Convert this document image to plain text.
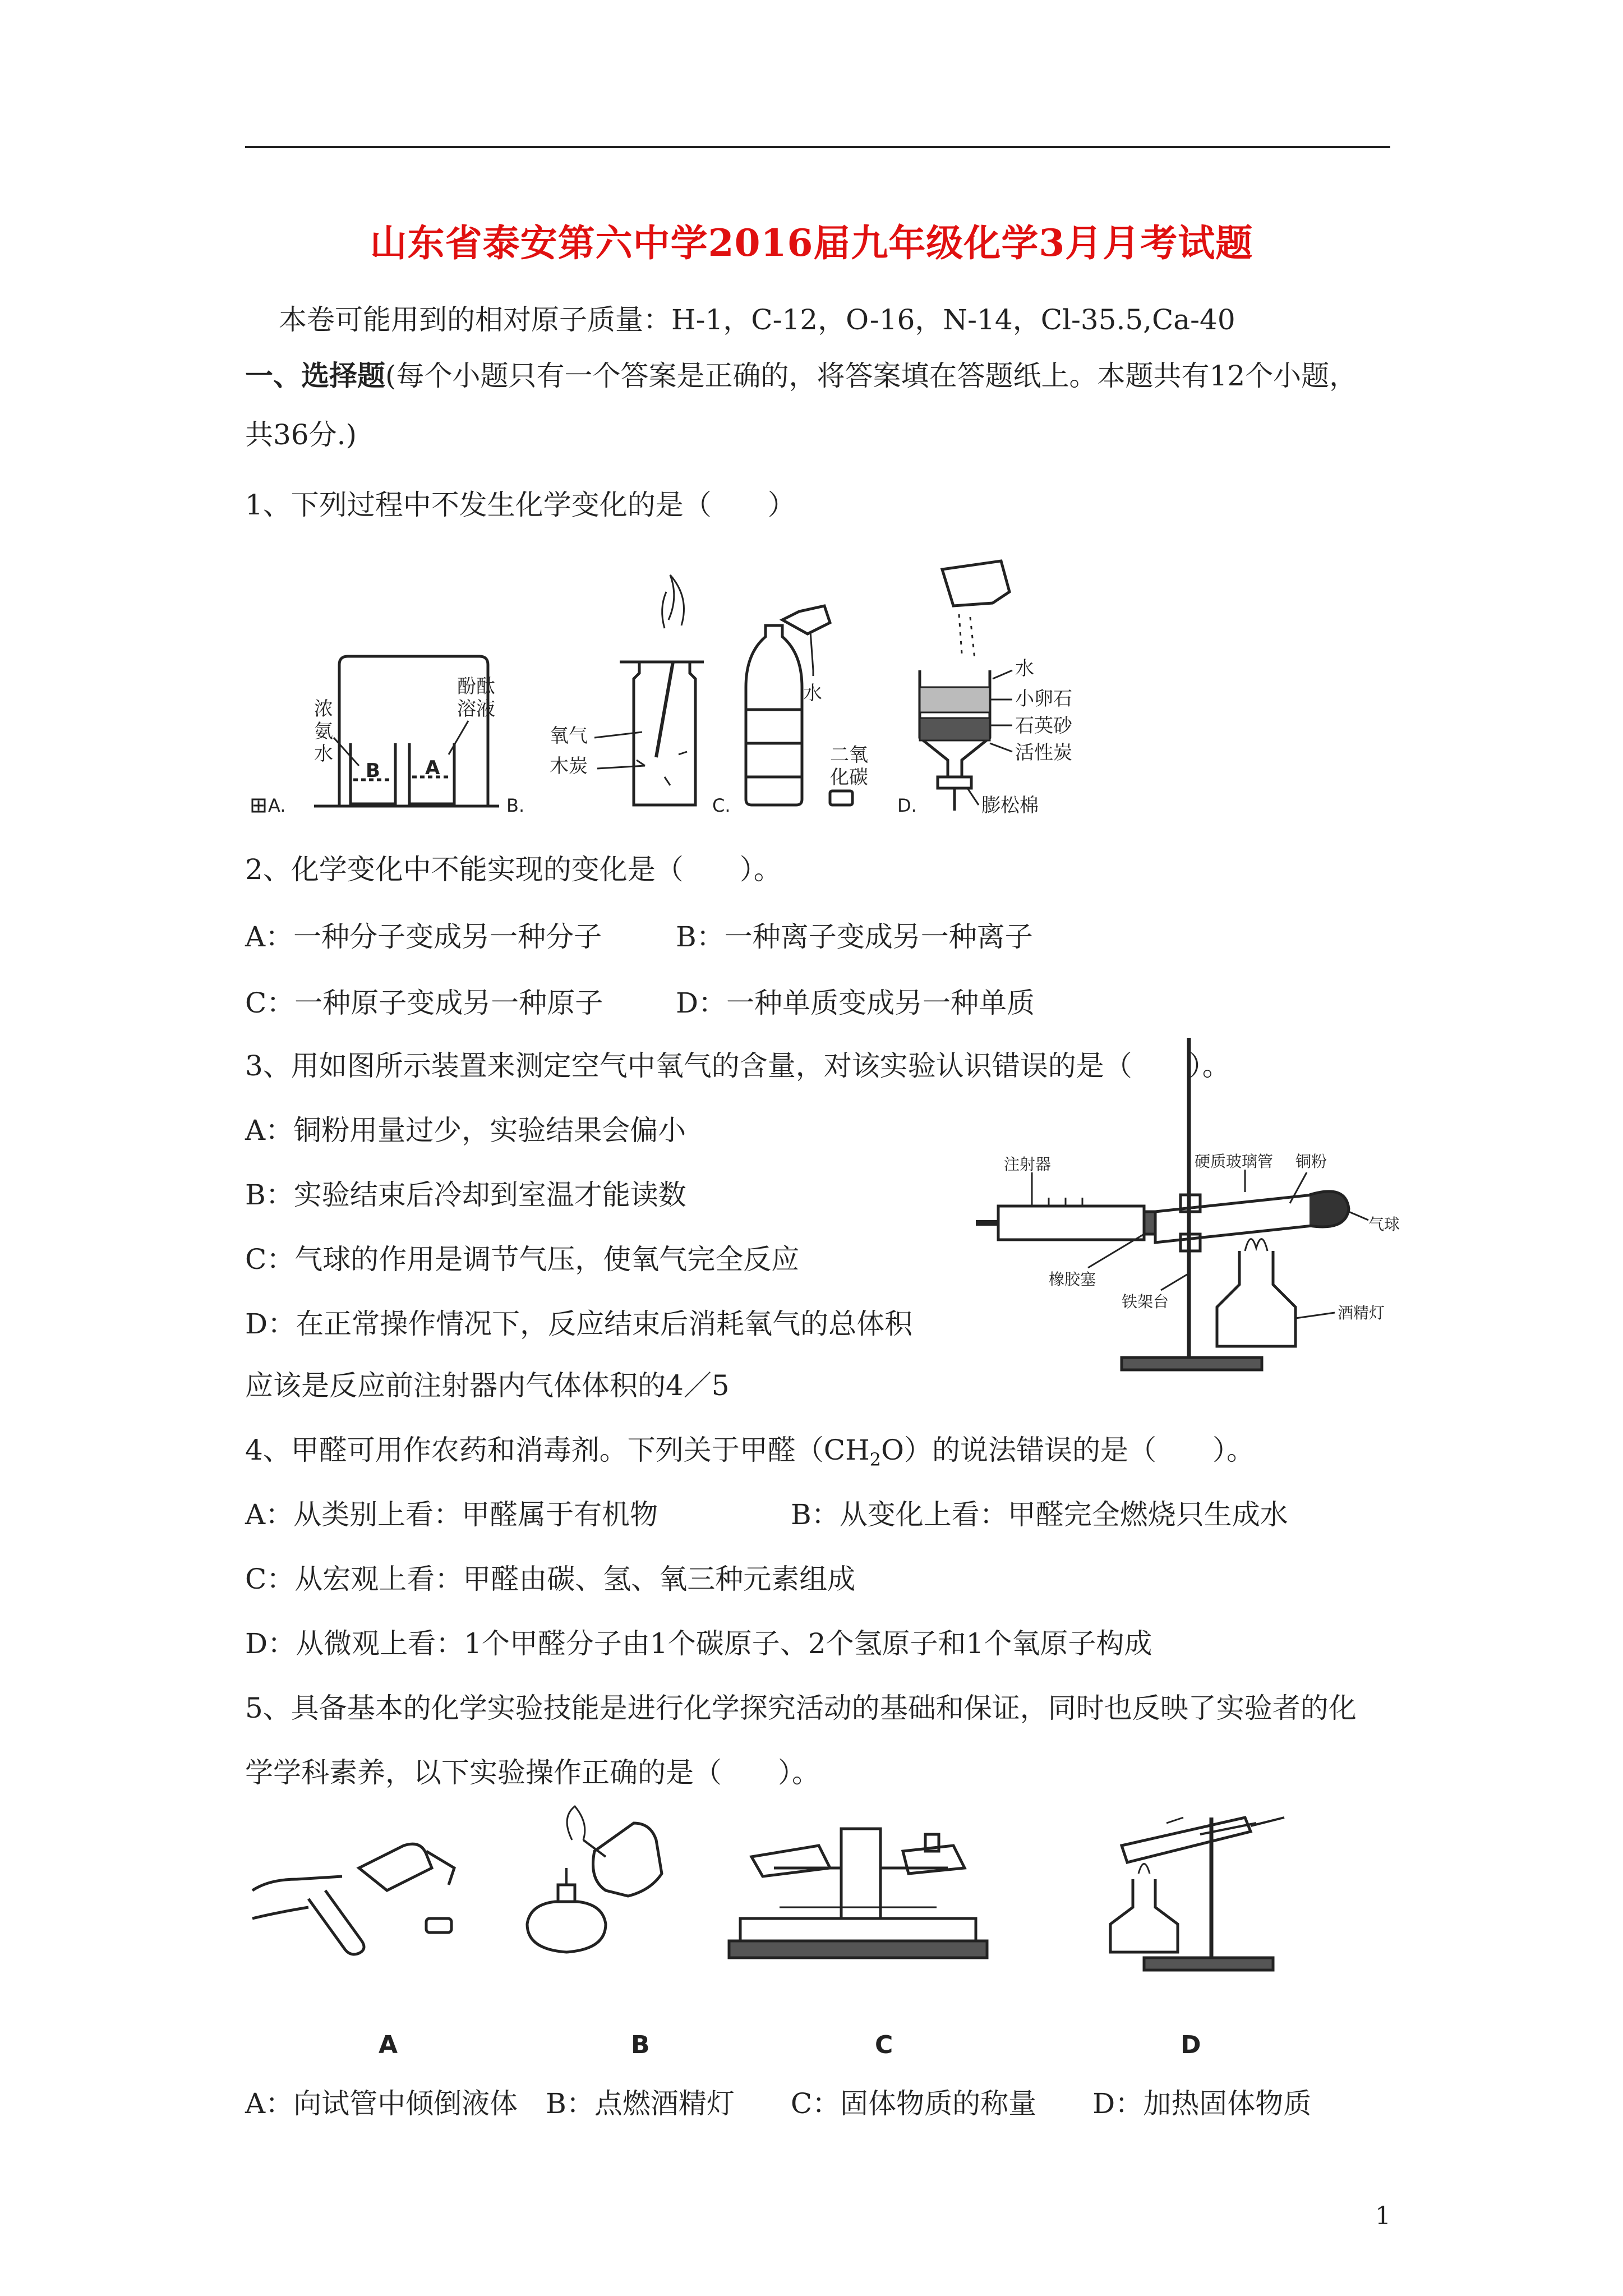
山东省泰安第六中学2016届九年级化学3月月考试题
本卷可能用到的相对原子质量：H-1，C-12，O-16，N-14，Cl-35.5,Ca-40
一、选择题(每个小题只有一个答案是正确的，将答案填在答题纸上。本题共有12个小题，
共36分.)
1、下列过程中不发生化学变化的是（　　）
A.	B.	C.	D.
浓
氨
水
酚酞
溶液
B A
氧气
木炭
水
二氧
化碳
水
小卵石
石英砂
活性炭
膨松棉
2、化学变化中不能实现的变化是（　　）。
A：一种分子变成另一种分子	B：一种离子变成另一种离子
C：一种原子变成另一种原子	D：一种单质变成另一种单质
3、用如图所示装置来测定空气中氧气的含量，对该实验认识错误的是（　　）。
A：铜粉用量过少，实验结果会偏小
B：实验结束后冷却到室温才能读数
C：气球的作用是调节气压，使氧气完全反应
D：在正常操作情况下，反应结束后消耗氧气的总体积
应该是反应前注射器内气体体积的4／5
注射器	硬质玻璃管 铜粉
气球
橡胶塞
铁架台
酒精灯
4、甲醛可用作农药和消毒剂。下列关于甲醛$(CH_2O)$的说法错误的是（　　）。
A：从类别上看：甲醛属于有机物	B：从变化上看：甲醛完全燃烧只生成水
C：从宏观上看：甲醛由碳、氢、氧三种元素组成
D：从微观上看：1个甲醛分子由1个碳原子、2个氢原子和1个氧原子构成
5、具备基本的化学实验技能是进行化学探究活动的基础和保证，同时也反映了实验者的化
学学科素养，以下实验操作正确的是（　　）。
A	B	C	D
A：向试管中倾倒液体　B：点燃酒精灯　　C：固体物质的称量　　D：加热固体物质
1
